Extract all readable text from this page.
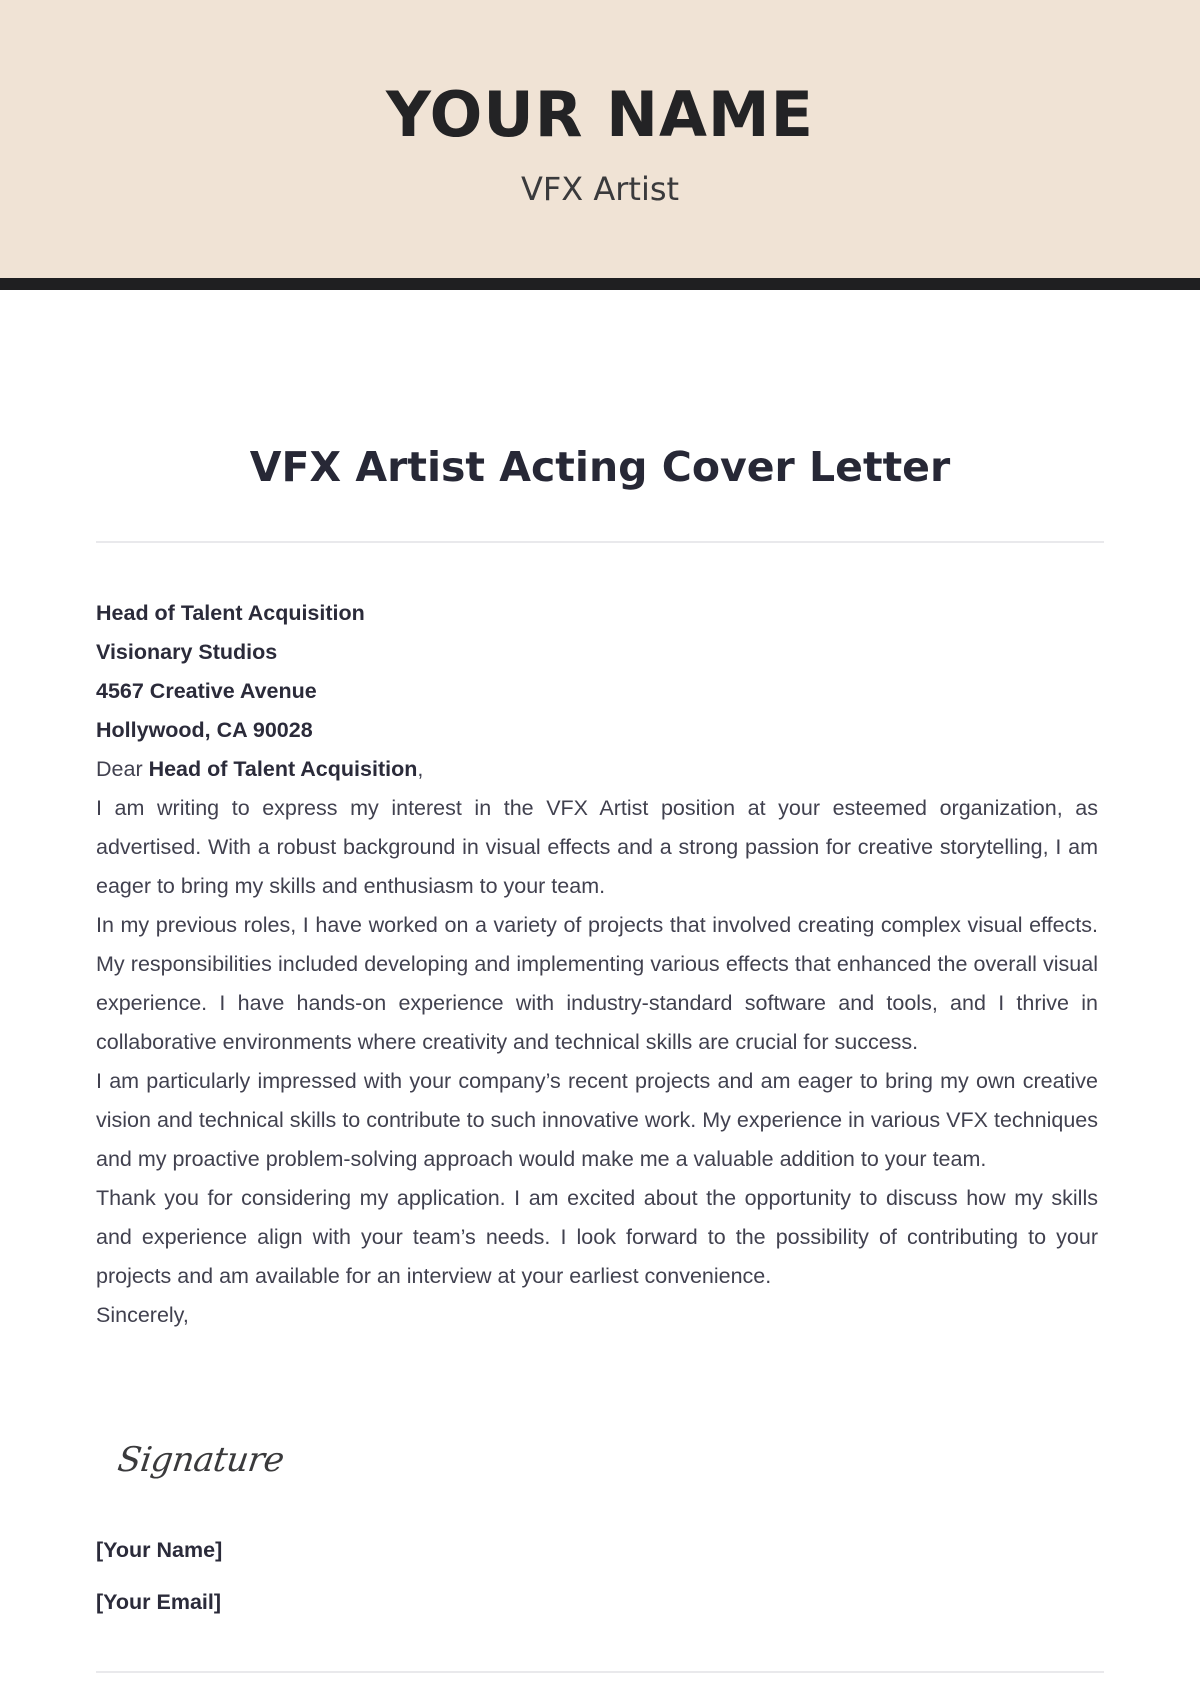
YOUR NAME
VFX Artist
VFX Artist Acting Cover Letter

Head of Talent Acquisition

Visionary Studios

4567 Creative Avenue

Hollywood, CA 90028

Dear Head of Talent Acquisition,

I am writing to express my interest in the VFX Artist position at your esteemed organization, as advertised. With a robust background in visual effects and a strong passion for creative storytelling, I am eager to bring my skills and enthusiasm to your team.

In my previous roles, I have worked on a variety of projects that involved creating complex visual effects. My responsibilities included developing and implementing various effects that enhanced the overall visual experience. I have hands-on experience with industry-standard software and tools, and I thrive in collaborative environments where creativity and technical skills are crucial for success.

I am particularly impressed with your company’s recent projects and am eager to bring my own creative vision and technical skills to contribute to such innovative work. My experience in various VFX techniques and my proactive problem-solving approach would make me a valuable addition to your team.

Thank you for considering my application. I am excited about the opportunity to discuss how my skills and experience align with your team’s needs. I look forward to the possibility of contributing to your projects and am available for an interview at your earliest convenience.

Sincerely,

Signature
[Your Name]
[Your Email]
